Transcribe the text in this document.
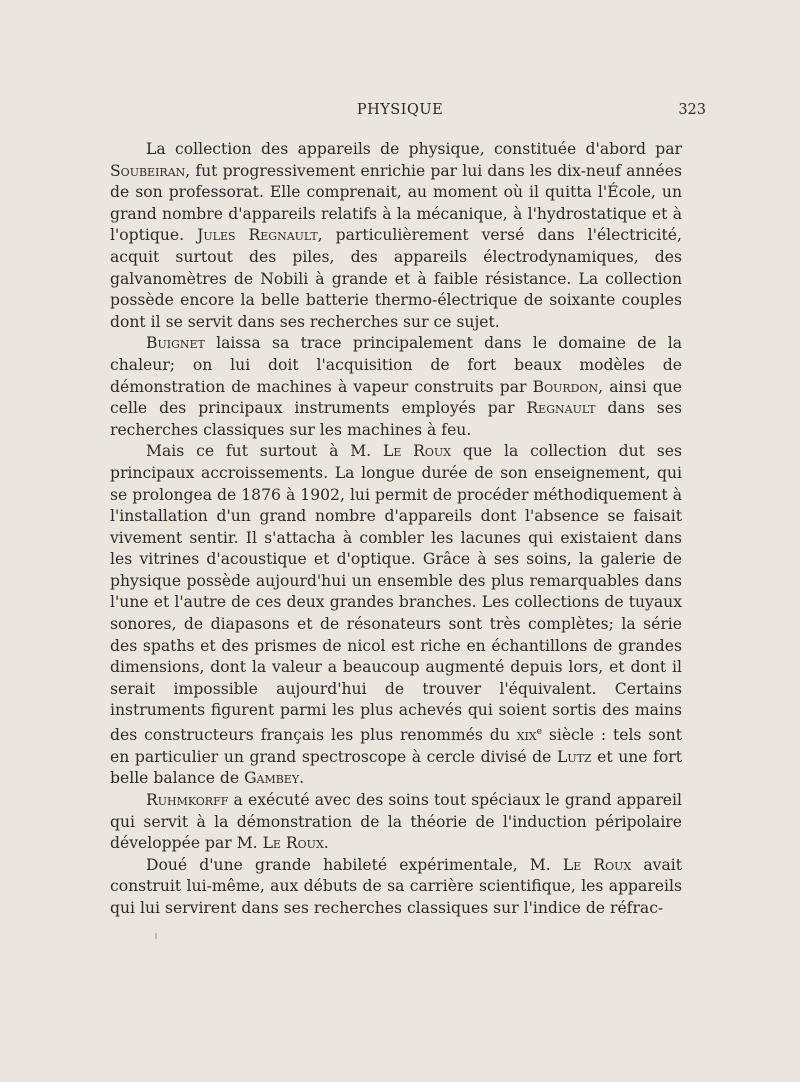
PHYSIQUE	323

La collection des appareils de physique, constituée d'abord par Soubeiran, fut progressivement enrichie par lui dans les dix-neuf années de son professorat. Elle comprenait, au moment où il quitta l'École, un grand nombre d'appareils relatifs à la mécanique, à l'hydrostatique et à l'optique. Jules Regnault, particulièrement versé dans l'électricité, acquit surtout des piles, des appareils électrodynamiques, des galvanomètres de Nobili à grande et à faible résistance. La collection possède encore la belle batterie thermo-électrique de soixante couples dont il se servit dans ses recherches sur ce sujet.

Buignet laissa sa trace principalement dans le domaine de la chaleur; on lui doit l'acquisition de fort beaux modèles de démonstration de machines à vapeur construits par Bourdon, ainsi que celle des principaux instruments employés par Regnault dans ses recherches classiques sur les machines à feu.

Mais ce fut surtout à M. Le Roux que la collection dut ses principaux accroissements. La longue durée de son enseignement, qui se prolongea de 1876 à 1902, lui permit de procéder méthodiquement à l'installation d'un grand nombre d'appareils dont l'absence se faisait vivement sentir. Il s'attacha à combler les lacunes qui existaient dans les vitrines d'acoustique et d'optique. Grâce à ses soins, la galerie de physique possède aujourd'hui un ensemble des plus remarquables dans l'une et l'autre de ces deux grandes branches. Les collections de tuyaux sonores, de diapasons et de résonateurs sont très complètes; la série des spaths et des prismes de nicol est riche en échantillons de grandes dimensions, dont la valeur a beaucoup augmenté depuis lors, et dont il serait impossible aujourd'hui de trouver l'équivalent. Certains instruments figurent parmi les plus achevés qui soient sortis des mains des constructeurs français les plus renommés du xix$^e$ siècle : tels sont en particulier un grand spectroscope à cercle divisé de Lutz et une fort belle balance de Gambey.

Ruhmkorff a exécuté avec des soins tout spéciaux le grand appareil qui servit à la démonstration de la théorie de l'induction péripolaire développée par M. Le Roux.

Doué d'une grande habileté expérimentale, M. Le Roux avait construit lui-même, aux débuts de sa carrière scientifique, les appareils qui lui servirent dans ses recherches classiques sur l'indice de réfrac-
